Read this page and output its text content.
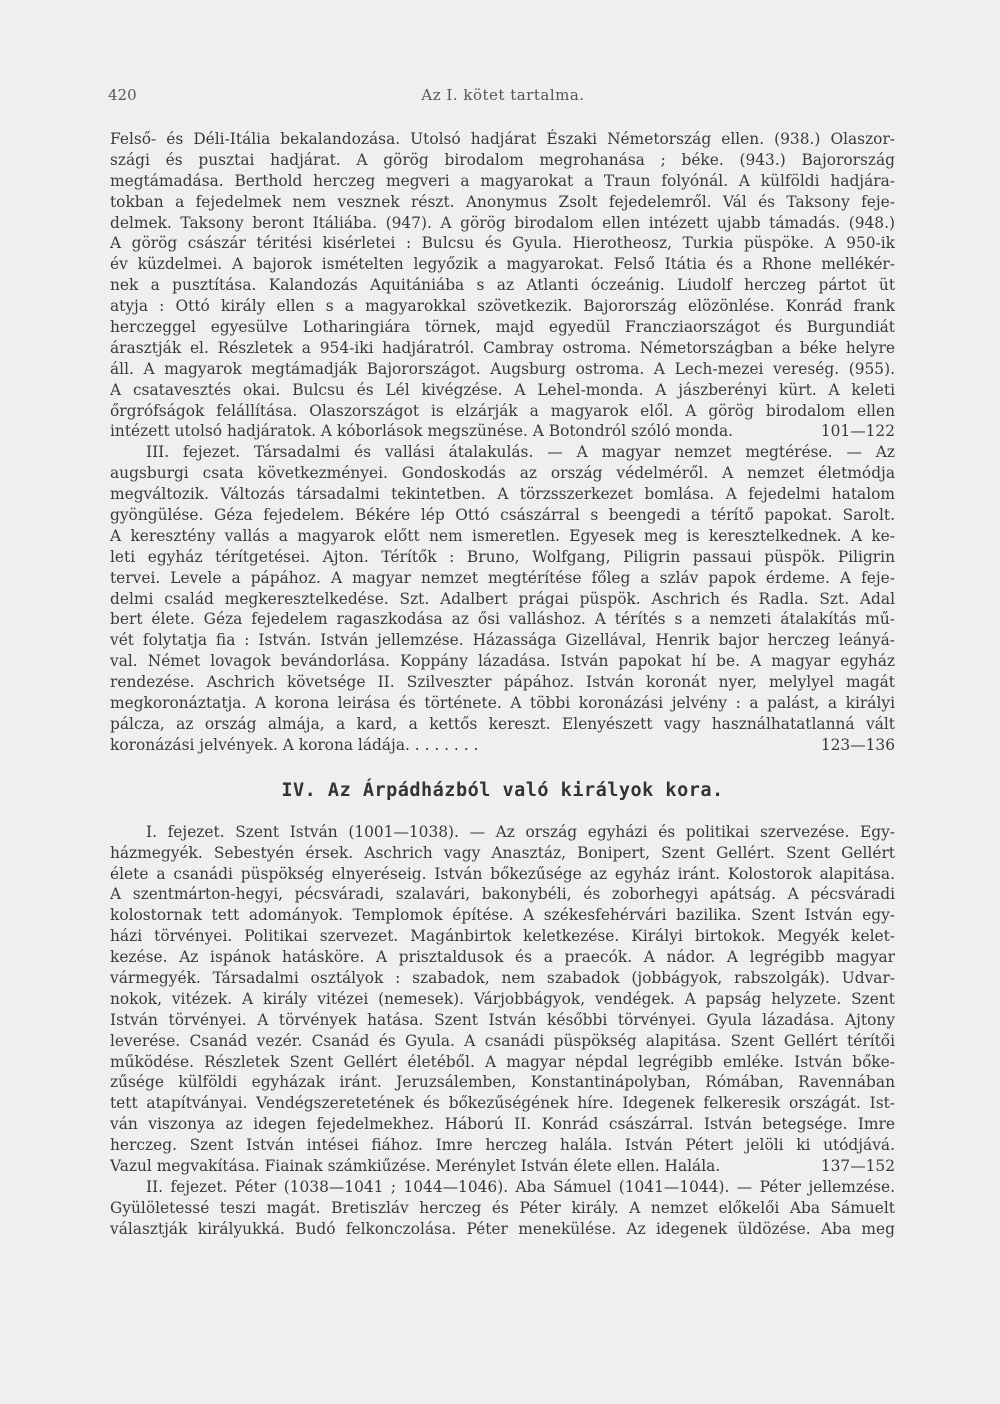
420	Az I. kötet tartalma.
Felső- és Déli-Itália bekalandozása. Utolsó hadjárat Északi Németország ellen. (938.) Olaszor-
szági és pusztai hadjárat. A görög birodalom megrohanása ; béke. (943.) Bajorország
megtámadása. Berthold herczeg megveri a magyarokat a Traun folyónál. A külföldi hadjára-
tokban a fejedelmek nem vesznek részt. Anonymus Zsolt fejedelemről. Vál és Taksony feje-
delmek. Taksony beront Itáliába. (947). A görög birodalom ellen intézett ujabb támadás. (948.)
A görög császár téritési kisérletei : Bulcsu és Gyula. Hierotheosz, Turkia püspöke. A 950-ik
év küzdelmei. A bajorok ismételten legyőzik a magyarokat. Felső Itátia és a Rhone mellékér-
nek a pusztítása. Kalandozás Aquitániába s az Atlanti óczeánig. Liudolf herczeg pártot üt
atyja : Ottó király ellen s a magyarokkal szövetkezik. Bajorország elözönlése. Konrád frank
herczeggel egyesülve Lotharingiára törnek, majd egyedül Francziaországot és Burgundiát
árasztják el. Részletek a 954-iki hadjáratról. Cambray ostroma. Németországban a béke helyre
áll. A magyarok megtámadják Bajorországot. Augsburg ostroma. A Lech-mezei vereség. (955).
A csatavesztés okai. Bulcsu és Lél kivégzése. A Lehel-monda. A jászberényi kürt. A keleti
őrgrófságok felállítása. Olaszországot is elzárják a magyarok elől. A görög birodalom ellen
intézett utolsó hadjáratok. A kóborlások megszünése. A Botondról szóló monda.	101—122
III. fejezet. Társadalmi és vallási átalakulás. — A magyar nemzet megtérése. — Az
augsburgi csata következményei. Gondoskodás az ország védelméről. A nemzet életmódja
megváltozik. Változás társadalmi tekintetben. A törzsszerkezet bomlása. A fejedelmi hatalom
gyöngülése. Géza fejedelem. Békére lép Ottó császárral s beengedi a térítő papokat. Sarolt.
A keresztény vallás a magyarok előtt nem ismeretlen. Egyesek meg is keresztelkednek. A ke-
leti egyház térítgetései. Ajton. Térítők : Bruno, Wolfgang, Piligrin passaui püspök. Piligrin
tervei. Levele a pápához. A magyar nemzet megtérítése főleg a szláv papok érdeme. A feje-
delmi család megkeresztelkedése. Szt. Adalbert prágai püspök. Aschrich és Radla. Szt. Adal
bert élete. Géza fejedelem ragaszkodása az ősi valláshoz. A térítés s a nemzeti átalakítás mű-
vét folytatja fia : István. István jellemzése. Házassága Gizellával, Henrik bajor herczeg leányá-
val. Német lovagok bevándorlása. Koppány lázadása. István papokat hí be. A magyar egyház
rendezése. Aschrich követsége II. Szilveszter pápához. István koronát nyer, melylyel magát
megkoronáztatja. A korona leirása és története. A többi koronázási jelvény : a palást, a királyi
pálcza, az ország almája, a kard, a kettős kereszt. Elenyészett vagy használhatatlanná vált
koronázási jelvények. A korona ládája. . . . . . . .	123—136
IV. Az Árpádházból való királyok kora.
I. fejezet. Szent István (1001—1038). — Az ország egyházi és politikai szervezése. Egy-
házmegyék. Sebestyén érsek. Aschrich vagy Anasztáz, Bonipert, Szent Gellért. Szent Gellért
élete a csanádi püspökség elnyeréseig. István bőkezűsége az egyház iránt. Kolostorok alapitása.
A szentmárton-hegyi, pécsváradi, szalavári, bakonybéli, és zoborhegyi apátság. A pécsváradi
kolostornak tett adományok. Templomok építése. A székesfehérvári bazilika. Szent István egy-
házi törvényei. Politikai szervezet. Magánbirtok keletkezése. Királyi birtokok. Megyék kelet-
kezése. Az ispánok hatásköre. A prisztaldusok és a praecók. A nádor. A legrégibb magyar
vármegyék. Társadalmi osztályok : szabadok, nem szabadok (jobbágyok, rabszolgák). Udvar-
nokok, vitézek. A király vitézei (nemesek). Várjobbágyok, vendégek. A papság helyzete. Szent
István törvényei. A törvények hatása. Szent István későbbi törvényei. Gyula lázadása. Ajtony
leverése. Csanád vezér. Csanád és Gyula. A csanádi püspökség alapitása. Szent Gellért térítői
működése. Részletek Szent Gellért életéből. A magyar népdal legrégibb emléke. István bőke-
zűsége külföldi egyházak iránt. Jeruzsálemben, Konstantinápolyban, Rómában, Ravennában
tett atapítványai. Vendégszeretetének és bőkezűségének híre. Idegenek felkeresik országát. Ist-
ván viszonya az idegen fejedelmekhez. Háború II. Konrád császárral. István betegsége. Imre
herczeg. Szent István intései fiához. Imre herczeg halála. István Pétert jelöli ki utódjává.
Vazul megvakítása. Fiainak számkiűzése. Merénylet István élete ellen. Halála.	137—152
II. fejezet. Péter (1038—1041 ; 1044—1046). Aba Sámuel (1041—1044). — Péter jellemzése.
Gyülöletessé teszi magát. Bretiszláv herczeg és Péter király. A nemzet előkelői Aba Sámuelt
választják királyukká. Budó felkonczolása. Péter menekülése. Az idegenek üldözése. Aba meg
